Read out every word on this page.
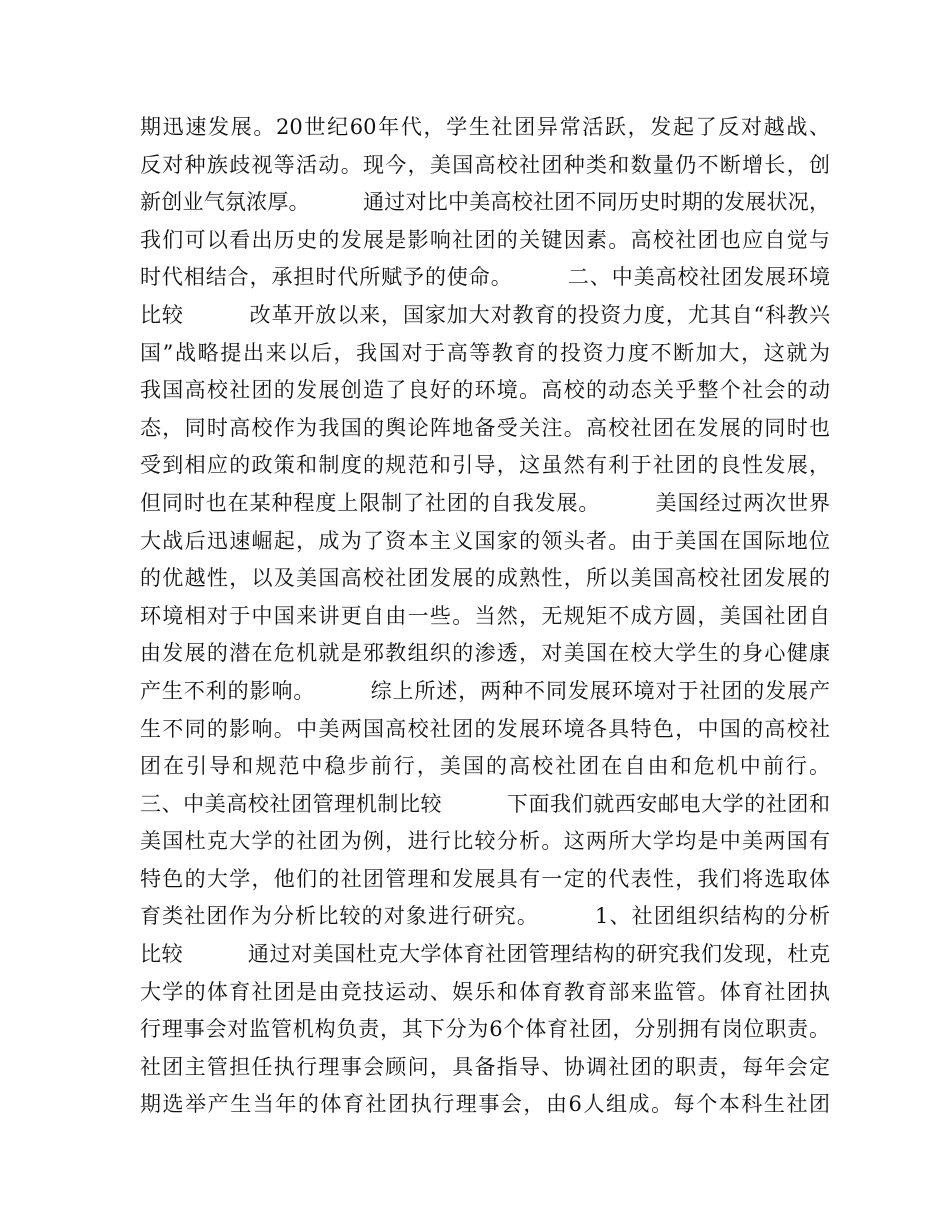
期迅速发展。20世纪60年代，学生社团异常活跃，发起了反对越战、
反对种族歧视等活动。现今，美国高校社团种类和数量仍不断增长，创
新创业气氛浓厚。　　　通过对比中美高校社团不同历史时期的发展状况，
我们可以看出历史的发展是影响社团的关键因素。高校社团也应自觉与
时代相结合，承担时代所赋予的使命。　　　二、中美高校社团发展环境
比较　　　改革开放以来，国家加大对教育的投资力度，尤其自“科教兴
国”战略提出来以后，我国对于高等教育的投资力度不断加大，这就为
我国高校社团的发展创造了良好的环境。高校的动态关乎整个社会的动
态，同时高校作为我国的舆论阵地备受关注。高校社团在发展的同时也
受到相应的政策和制度的规范和引导，这虽然有利于社团的良性发展，
但同时也在某种程度上限制了社团的自我发展。　　　美国经过两次世界
大战后迅速崛起，成为了资本主义国家的领头者。由于美国在国际地位
的优越性，以及美国高校社团发展的成熟性，所以美国高校社团发展的
环境相对于中国来讲更自由一些。当然，无规矩不成方圆，美国社团自
由发展的潜在危机就是邪教组织的渗透，对美国在校大学生的身心健康
产生不利的影响。　　　综上所述，两种不同发展环境对于社团的发展产
生不同的影响。中美两国高校社团的发展环境各具特色，中国的高校社
团在引导和规范中稳步前行，美国的高校社团在自由和危机中前行。
三、中美高校社团管理机制比较　　　下面我们就西安邮电大学的社团和
美国杜克大学的社团为例，进行比较分析。这两所大学均是中美两国有
特色的大学，他们的社团管理和发展具有一定的代表性，我们将选取体
育类社团作为分析比较的对象进行研究。　　　1、社团组织结构的分析
比较　　　通过对美国杜克大学体育社团管理结构的研究我们发现，杜克
大学的体育社团是由竞技运动、娱乐和体育教育部来监管。体育社团执
行理事会对监管机构负责，其下分为6个体育社团，分别拥有岗位职责。
社团主管担任执行理事会顾问，具备指导、协调社团的职责，每年会定
期选举产生当年的体育社团执行理事会，由6人组成。每个本科生社团
